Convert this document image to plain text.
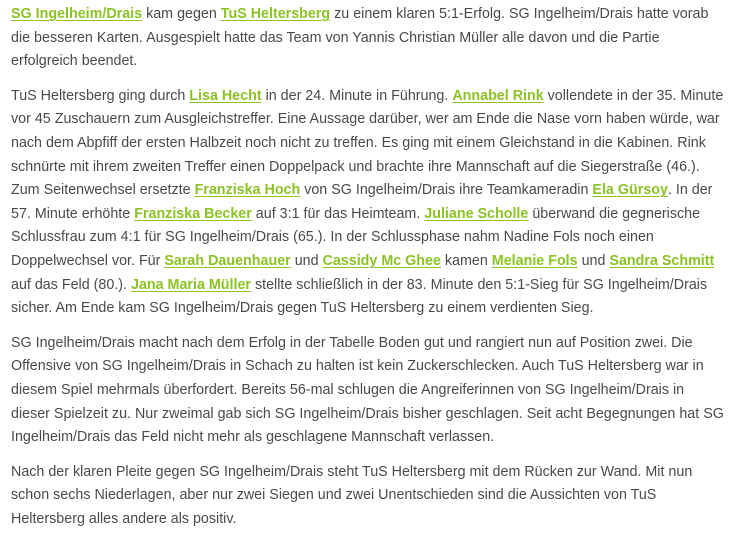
SG Ingelheim/Drais kam gegen TuS Heltersberg zu einem klaren 5:1-Erfolg. SG Ingelheim/Drais hatte vorab die besseren Karten. Ausgespielt hatte das Team von Yannis Christian Müller alle davon und die Partie erfolgreich beendet.

TuS Heltersberg ging durch Lisa Hecht in der 24. Minute in Führung. Annabel Rink vollendete in der 35. Minute vor 45 Zuschauern zum Ausgleichstreffer. Eine Aussage darüber, wer am Ende die Nase vorn haben würde, war nach dem Abpfiff der ersten Halbzeit noch nicht zu treffen. Es ging mit einem Gleichstand in die Kabinen. Rink schnürte mit ihrem zweiten Treffer einen Doppelpack und brachte ihre Mannschaft auf die Siegerstraße (46.). Zum Seitenwechsel ersetzte Franziska Hoch von SG Ingelheim/Drais ihre Teamkameradin Ela Gürsoy. In der 57. Minute erhöhte Franziska Becker auf 3:1 für das Heimteam. Juliane Scholle überwand die gegnerische Schlussfrau zum 4:1 für SG Ingelheim/Drais (65.). In der Schlussphase nahm Nadine Fols noch einen Doppelwechsel vor. Für Sarah Dauenhauer und Cassidy Mc Ghee kamen Melanie Fols und Sandra Schmitt auf das Feld (80.). Jana Maria Müller stellte schließlich in der 83. Minute den 5:1-Sieg für SG Ingelheim/Drais sicher. Am Ende kam SG Ingelheim/Drais gegen TuS Heltersberg zu einem verdienten Sieg.

SG Ingelheim/Drais macht nach dem Erfolg in der Tabelle Boden gut und rangiert nun auf Position zwei. Die Offensive von SG Ingelheim/Drais in Schach zu halten ist kein Zuckerschlecken. Auch TuS Heltersberg war in diesem Spiel mehrmals überfordert. Bereits 56-mal schlugen die Angreiferinnen von SG Ingelheim/Drais in dieser Spielzeit zu. Nur zweimal gab sich SG Ingelheim/Drais bisher geschlagen. Seit acht Begegnungen hat SG Ingelheim/Drais das Feld nicht mehr als geschlagene Mannschaft verlassen.

Nach der klaren Pleite gegen SG Ingelheim/Drais steht TuS Heltersberg mit dem Rücken zur Wand. Mit nun schon sechs Niederlagen, aber nur zwei Siegen und zwei Unentschieden sind die Aussichten von TuS Heltersberg alles andere als positiv.
